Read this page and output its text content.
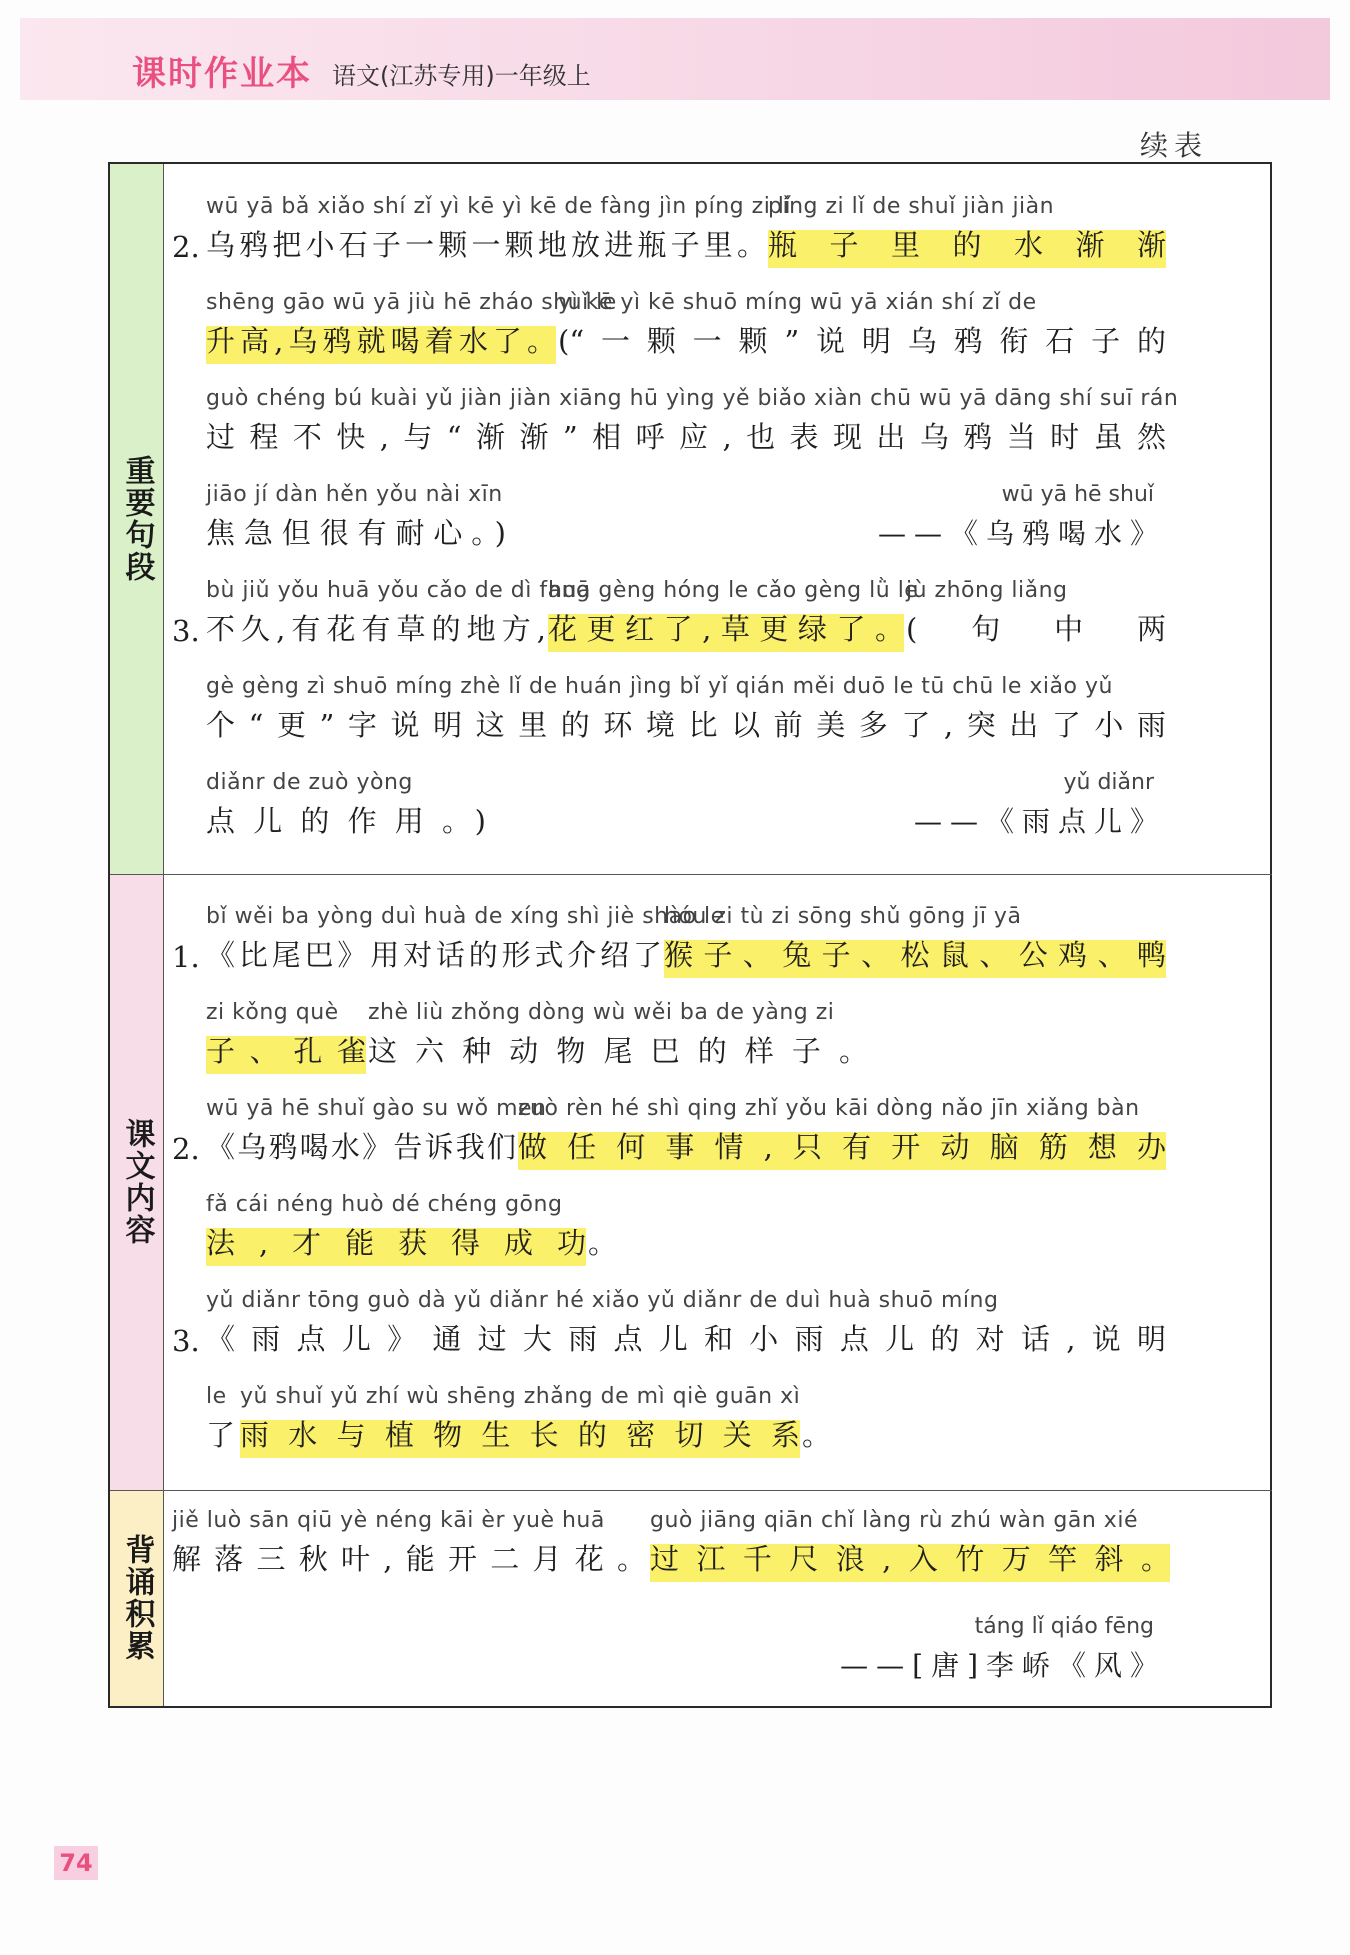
课时作业本 语文(江苏专用)一年级上
续表
重要句段
课文内容
背诵积累
2.
wū yā bǎ xiǎo shí zǐ yì kē yì kē de fàng jìn píng zi lǐ
乌鸦把小石子一颗一颗地放进瓶子里。
píng zi lǐ de shuǐ jiàn jiàn
瓶子里的水渐渐
shēng gāo wū yā jiù hē zháo shuǐ le
升高,乌鸦就喝着水了。
yì kē yì kē shuō míng wū yā xián shí zǐ de
(“一颗一颗”说明乌鸦衔石子的
guò chéng bú kuài yǔ jiàn jiàn xiāng hū yìng yě biǎo xiàn chū wū yā dāng shí suī rán
过程不快,与“渐渐”相呼应,也表现出乌鸦当时虽然
jiāo jí dàn hěn yǒu nài xīn
焦急但很有耐心。)
wū yā hē shuǐ
——《乌鸦喝水》
3.
bù jiǔ yǒu huā yǒu cǎo de dì fang
不久,有花有草的地方,
huā gèng hóng le cǎo gèng lǜ le
花更红了,草更绿了。
jù zhōng liǎng
(句中两
gè gèng zì shuō míng zhè lǐ de huán jìng bǐ yǐ qián měi duō le tū chū le xiǎo yǔ
个“更”字说明这里的环境比以前美多了,突出了小雨
diǎnr de zuò yòng
点儿的作用。)
yǔ diǎnr
——《雨点儿》
1.
bǐ wěi ba yòng duì huà de xíng shì jiè shào le
《比尾巴》用对话的形式介绍了
hóu zi tù zi sōng shǔ gōng jī yā
猴子、兔子、松鼠、公鸡、鸭
zi kǒng què
子、孔雀
zhè liù zhǒng dòng wù wěi ba de yàng zi
这六种动物尾巴的样子。
2.
wū yā hē shuǐ gào su wǒ men
《乌鸦喝水》告诉我们
zuò rèn hé shì qing zhǐ yǒu kāi dòng nǎo jīn xiǎng bàn
做任何事情,只有开动脑筋想办
fǎ cái néng huò dé chéng gōng
法,才能获得成功 。
3.
yǔ diǎnr tōng guò dà yǔ diǎnr hé xiǎo yǔ diǎnr de duì huà shuō míng
《雨点儿》通过大雨点儿和小雨点儿的对话,说明
le
了
yǔ shuǐ yǔ zhí wù shēng zhǎng de mì qiè guān xì
雨水与植物生长的密切关系 。
jiě luò sān qiū yè néng kāi èr yuè huā
解落三秋叶,能开二月花。
guò jiāng qiān chǐ làng rù zhú wàn gān xié
过江千尺浪,入竹万竿斜。
táng lǐ qiáo fēng
——[唐]李峤《风》
74
